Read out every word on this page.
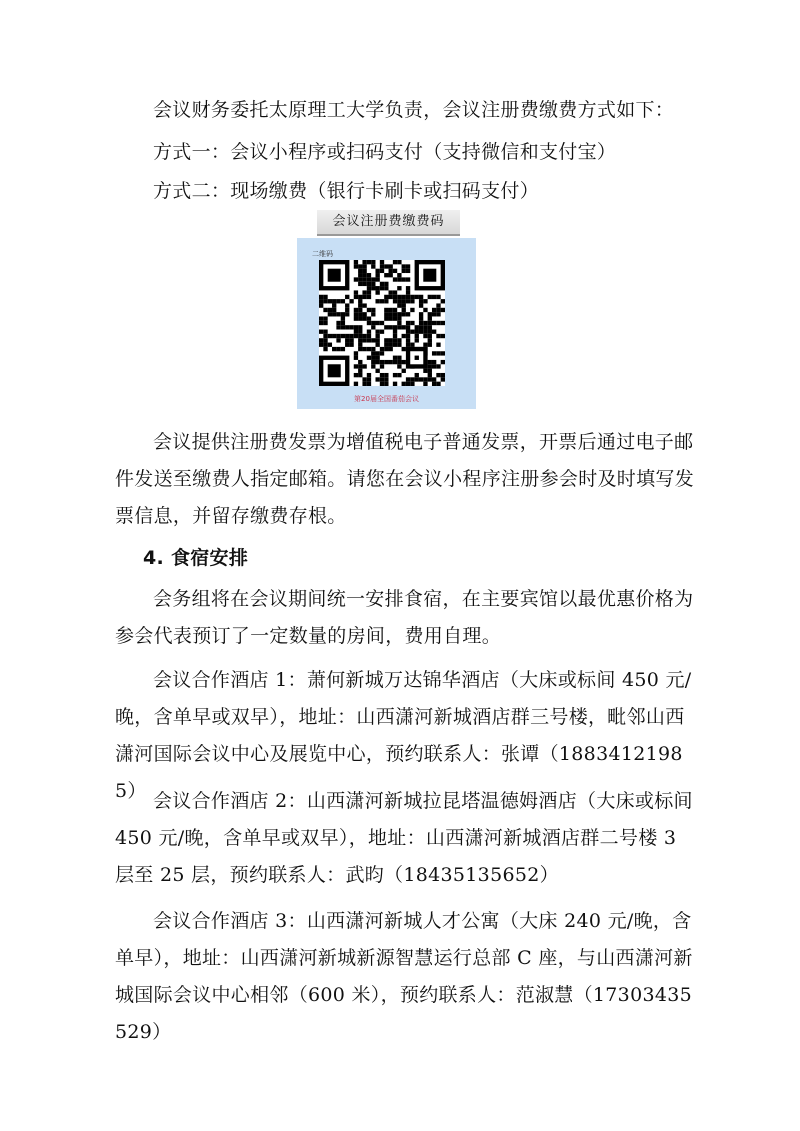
会议财务委托太原理工大学负责，会议注册费缴费方式如下：
方式一：会议小程序或扫码支付（支持微信和支付宝）
方式二：现场缴费（银行卡刷卡或扫码支付）
会议注册费缴费码
二维码
第20届全国番茄会议
会议提供注册费发票为增值税电子普通发票，开票后通过电子邮件发送至缴费人指定邮箱。请您在会议小程序注册参会时及时填写发票信息，并留存缴费存根。
4. 食宿安排
会务组将在会议期间统一安排食宿，在主要宾馆以最优惠价格为参会代表预订了一定数量的房间，费用自理。
会议合作酒店 1：萧何新城万达锦华酒店（大床或标间 450 元/晚，含单早或双早），地址：山西潇河新城酒店群三号楼，毗邻山西潇河国际会议中心及展览中心，预约联系人：张谭（18834121985） 会议合作酒店 2：山西潇河新城拉昆塔温德姆酒店（大床或标间 450 元/晚，含单早或双早），地址：山西潇河新城酒店群二号楼 3 层至 25 层，预约联系人：武昀（18435135652）
会议合作酒店 3：山西潇河新城人才公寓（大床 240 元/晚，含单早），地址：山西潇河新城新源智慧运行总部 C 座，与山西潇河新城国际会议中心相邻（600 米），预约联系人：范淑慧（17303435529）
